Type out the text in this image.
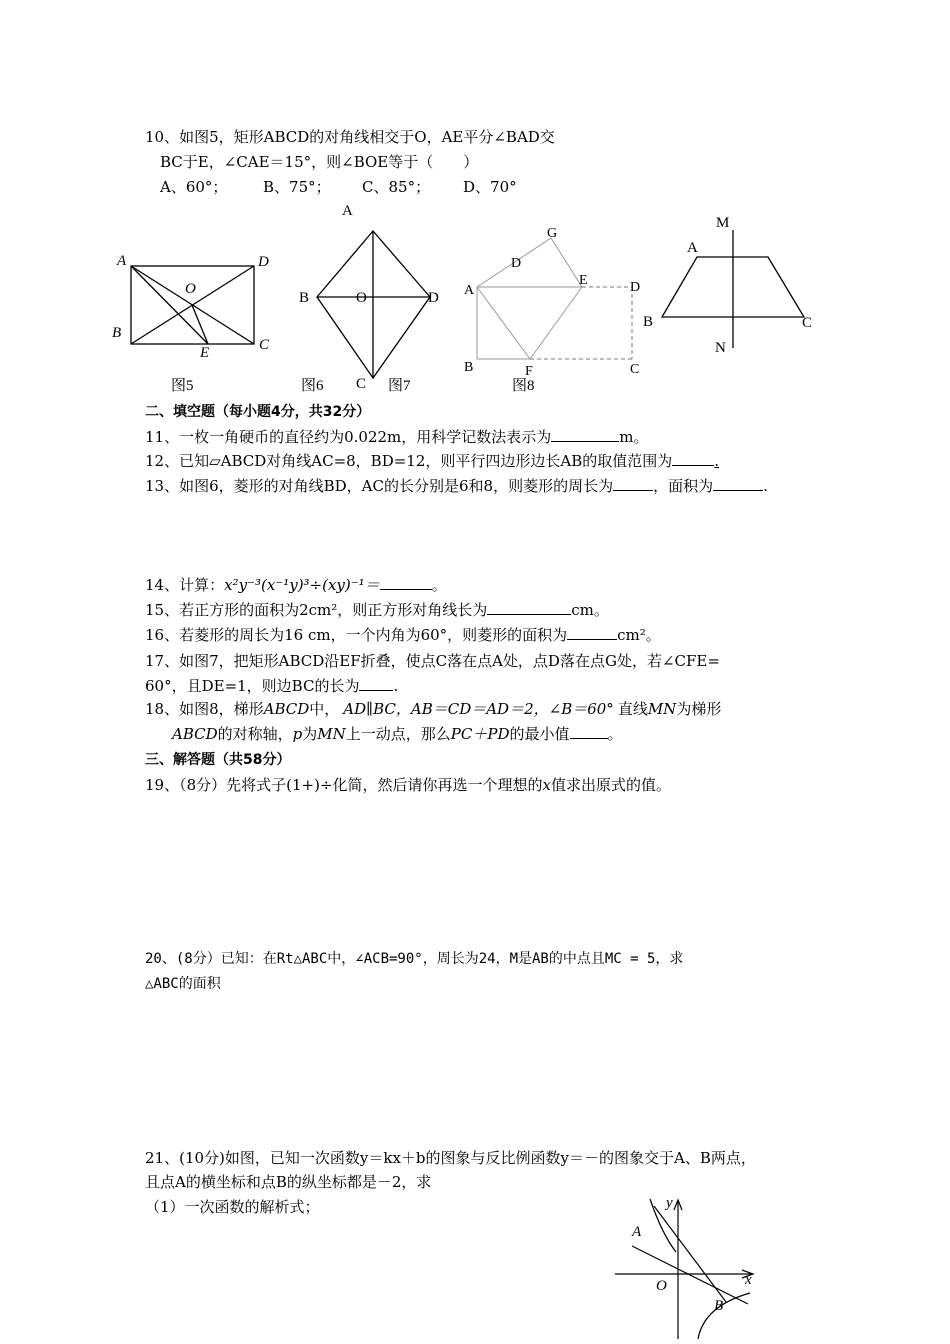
10、如图5，矩形ABCD的对角线相交于O，AE平分∠BAD交
BC于E，∠CAE＝15°，则∠BOE等于（　　）
A、60°； B、75°； C、85°； D、70°
A	D
O
B
E	C
图5
A
B	O	D
C
图6	图7
G
D
A
E	D
B	F	C
图8
M
A
B	C
N
二、填空题（每小题4分，共32分）
11、一枚一角硬币的直径约为0.022m，用科学记数法表示为	m。
12、已知▱ABCD对角线AC=8，BD=12，则平行四边形边长AB的取值范围为	.
13、如图6，菱形的对角线BD，AC的长分别是6和8，则菱形的周长为	，面积为	.
14、计算：x²y⁻³(x⁻¹y)³÷(xy)⁻¹＝	。
15、若正方形的面积为2cm²，则正方形对角线长为	cm。
16、若菱形的周长为16 cm，一个内角为60°，则菱形的面积为	cm²。
17、如图7，把矩形ABCD沿EF折叠，使点C落在点A处，点D落在点G处，若∠CFE=
60°，且DE=1，则边BC的长为 .
18、如图8，梯形ABCD中， AD∥BC，AB＝CD＝AD＝2，∠B＝60° 直线MN为梯形
ABCD的对称轴，p为MN上一动点，那么PC＋PD的最小值	。
三、解答题（共58分）
19、（8分）先将式子(1+)÷化简，然后请你再选一个理想的x值求出原式的值。
20、(8分）已知：在Rt△ABC中，∠ACB=90°，周长为24，M是AB的中点且MC = 5，求
△ABC的面积
21、(10分)如图，已知一次函数y＝kx＋b的图象与反比例函数y＝－的图象交于A、B两点，
且点A的横坐标和点B的纵坐标都是－2，求
（1）一次函数的解析式；	y
A
O	x
B
